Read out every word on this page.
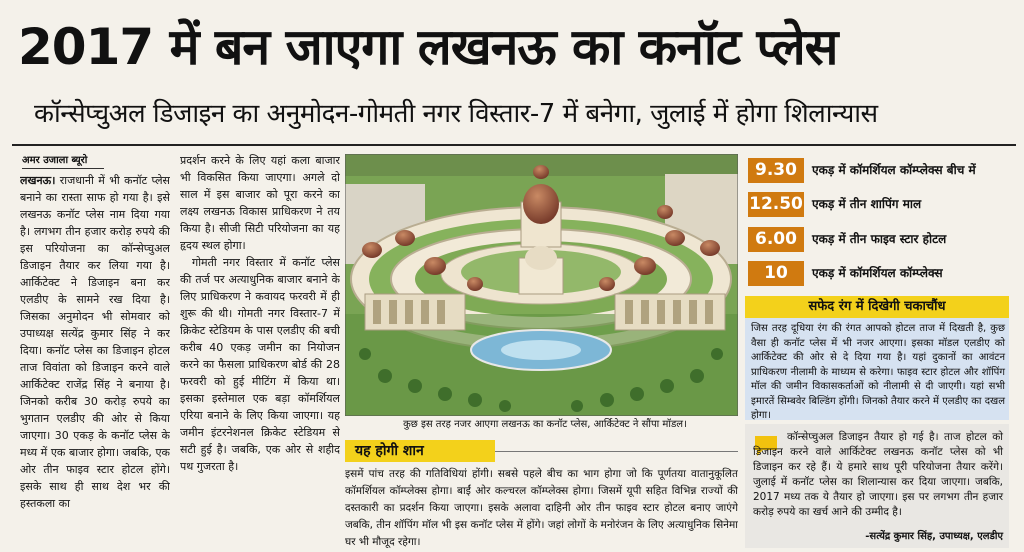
2017 में बन जाएगा लखनऊ का कनॉट प्लेस
कॉन्सेप्चुअल डिजाइन का अनुमोदन-गोमती नगर विस्तार-7 में बनेगा, जुलाई में होगा शिलान्यास
अमर उजाला ब्यूरो
लखनऊ। राजधानी में भी कनॉट प्लेस बनाने का रास्ता साफ हो गया है। इसे लखनऊ कनॉट प्लेस नाम दिया गया है। लगभग तीन हजार करोड़ रुपये की इस परियोजना का कॉन्सेप्चुअल डिजाइन तैयार कर लिया गया है। आर्किटेक्ट ने डिजाइन बना कर एलडीए के सामने रख दिया है। जिसका अनुमोदन भी सोमवार को उपाध्यक्ष सत्येंद्र कुमार सिंह ने कर दिया। कनॉट प्लेस का डिजाइन होटल ताज विवांता को डिजाइन करने वाले आर्किटेक्ट राजेंद्र सिंह ने बनाया है। जिनको करीब 30 करोड़ रुपये का भुगतान एलडीए की ओर से किया जाएगा। 30 एकड़ के कनॉट प्लेस के मध्य में एक बाजार होगा। जबकि, एक ओर तीन फाइव स्टार होटल होंगे। इसके साथ ही साथ देश भर की हस्तकला का

प्रदर्शन करने के लिए यहां कला बाजार भी विकसित किया जाएगा। अगले दो साल में इस बाजार को पूरा करने का लक्ष्य लखनऊ विकास प्राधिकरण ने तय किया है। सीजी सिटी परियोजना का यह हृदय स्थल होगा।

गोमती नगर विस्तार में कनॉट प्लेस की तर्ज पर अत्याधुनिक बाजार बनाने के लिए प्राधिकरण ने कवायद फरवरी में ही शुरू की थी। गोमती नगर विस्तार-7 में क्रिकेट स्टेडियम के पास एलडीए की बची करीब 40 एकड़ जमीन का नियोजन करने का फैसला प्राधिकरण बोर्ड की 28 फरवरी को हुई मीटिंग में किया था। इसका इस्तेमाल एक बड़ा कॉमर्शियल एरिया बनाने के लिए किया जाएगा। यह जमीन इंटरनेशनल क्रिकेट स्टेडियम से सटी हुई है। जबकि, एक ओर से शहीद पथ गुजरता है।

कुछ इस तरह नजर आएगा लखनऊ का कनॉट प्लेस, आर्किटेक्ट ने सौंपा मॉडल।
यह होगी शान
इसमें पांच तरह की गतिविधियां होंगी। सबसे पहले बीच का भाग होगा जो कि पूर्णतया वातानुकूलित कॉमर्शियल कॉम्प्लेक्स होगा। बाईं ओर कल्चरल कॉम्प्लेक्स होगा। जिसमें यूपी सहित विभिन्न राज्यों की दस्तकारी का प्रदर्शन किया जाएगा। इसके अलावा दाहिनी ओर तीन फाइव स्टार होटल बनाए जाएंगे जबकि, तीन शॉपिंग मॉल भी इस कनॉट प्लेस में होंगे। जहां लोगों के मनोरंजन के लिए अत्याधुनिक सिनेमा घर भी मौजूद रहेगा।
9.30	एकड़ में कॉमर्शियल कॉम्प्लेक्स बीच में
12.50 एकड़ में तीन शापिंग माल
6.00	एकड़ में तीन फाइव स्टार होटल
10	एकड़ में कॉमर्शियल कॉम्प्लेक्स
सफेद रंग में दिखेगी चकाचौंध
जिस तरह दूधिया रंग की रंगत आपको होटल ताज में दिखती है, कुछ वैसा ही कनॉट प्लेस में भी नजर आएगा। इसका मॉडल एलडीए को आर्किटेक्ट की ओर से दे दिया गया है। यहां दुकानों का आवंटन प्राधिकरण नीलामी के माध्यम से करेगा। फाइव स्टार होटल और शॉपिंग मॉल की जमीन विकासकर्ताओं को नीलामी से दी जाएगी। यहां सभी इमारतें सिम्बवेर बिल्डिंग होंगी। जिनको तैयार करने में एलडीए का दखल होगा।
कॉन्सेप्चुअल डिजाइन तैयार हो गई है। ताज होटल को डिजाइन करने वाले आर्किटेक्ट लखनऊ कनॉट प्लेस को भी डिजाइन कर रहे हैं। ये हमारे साथ पूरी परियोजना तैयार करेंगे। जुलाई में कनॉट प्लेस का शिलान्यास कर दिया जाएगा। जबकि, 2017 मध्य तक ये तैयार हो जाएगा। इस पर लगभग तीन हजार करोड़ रुपये का खर्च आने की उम्मीद है।
-सत्येंद्र कुमार सिंह, उपाध्यक्ष, एलडीए
